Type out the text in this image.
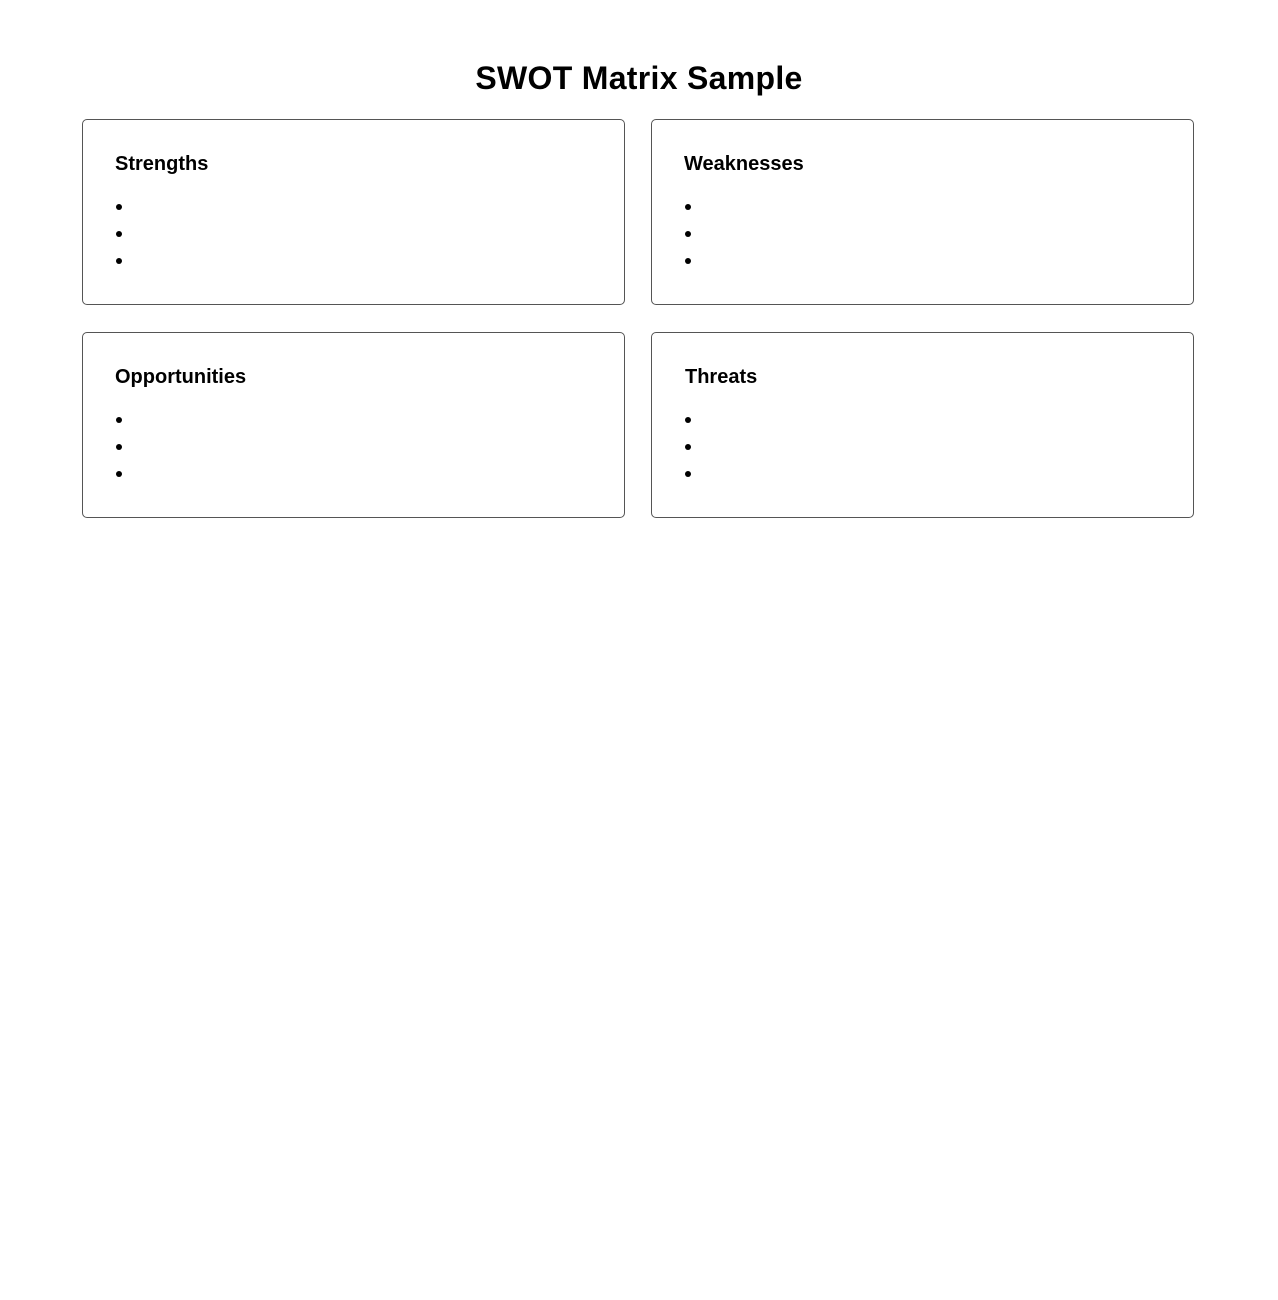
SWOT Matrix Sample
Strengths	Weaknesses
Opportunities	Threats
